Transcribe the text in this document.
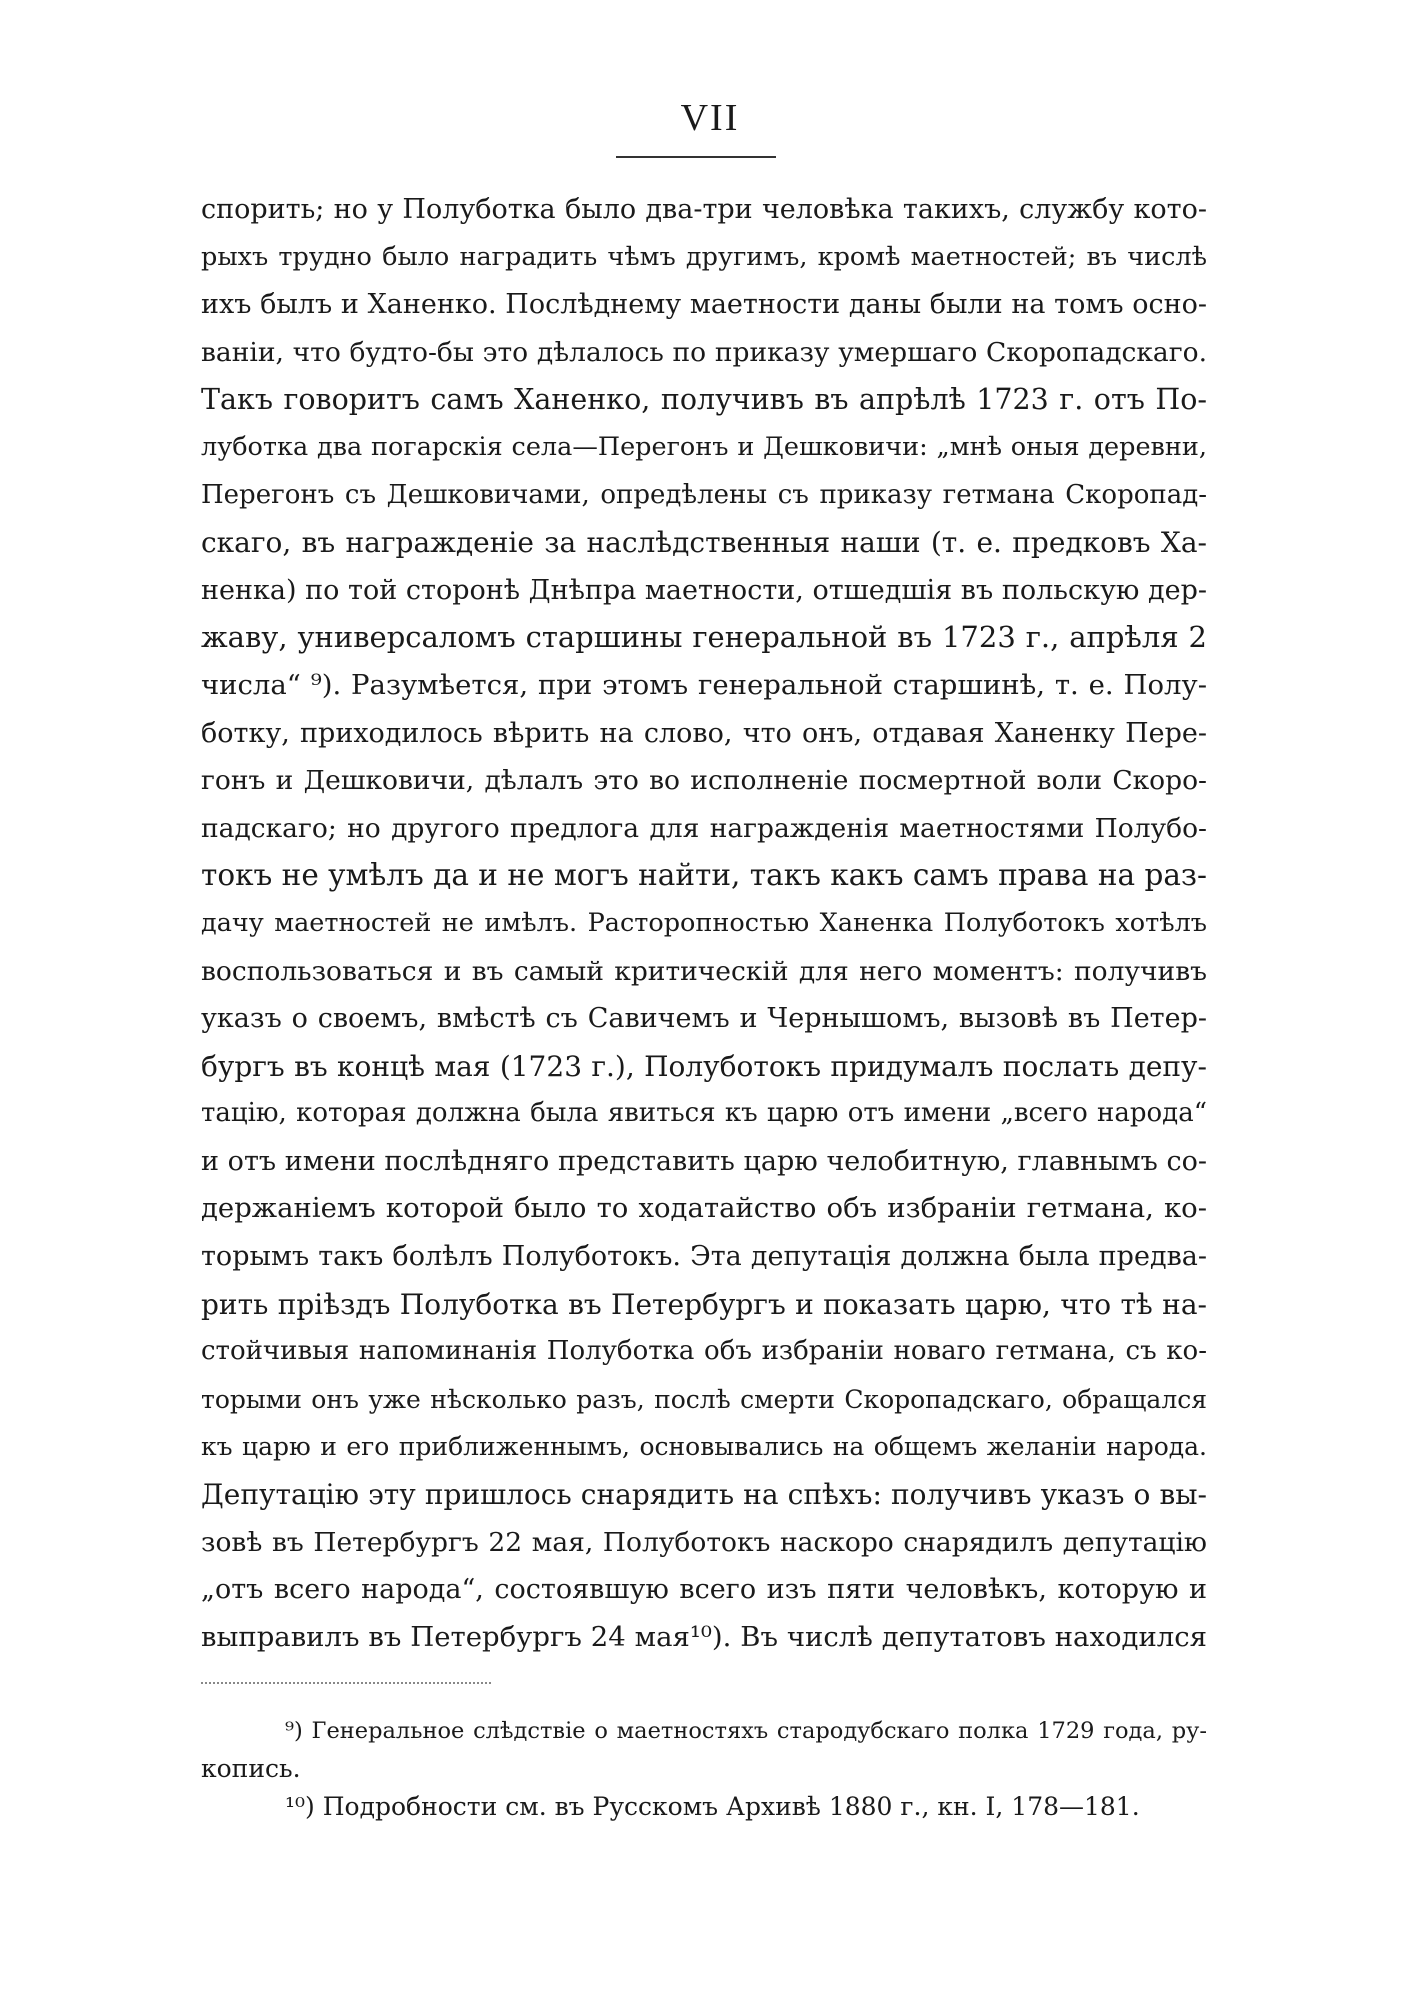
VII
спорить; но у Полуботка было два-три человѣка такихъ, службу кото-
рыхъ трудно было наградить чѣмъ другимъ, кромѣ маетностей; въ числѣ
ихъ былъ и Ханенко. Послѣднему маетности даны были на томъ осно-
ваніи, что будто-бы это дѣлалось по приказу умершаго Скоропадскаго.
Такъ говоритъ самъ Ханенко, получивъ въ апрѣлѣ 1723 г. отъ По-
луботка два погарскія села—Перегонъ и Дешковичи: „мнѣ оныя деревни,
Перегонъ съ Дешковичами, опредѣлены съ приказу гетмана Скоропад-
скаго, въ награжденіе за наслѣдственныя наши (т. е. предковъ Ха-
ненка) по той сторонѣ Днѣпра маетности, отшедшія въ польскую дер-
жаву, универсаломъ старшины генеральной въ 1723 г., апрѣля 2
числа“ ⁹). Разумѣется, при этомъ генеральной старшинѣ, т. е. Полу-
ботку, приходилось вѣрить на слово, что онъ, отдавая Ханенку Пере-
гонъ и Дешковичи, дѣлалъ это во исполненіе посмертной воли Скоро-
падскаго; но другого предлога для награжденія маетностями Полубо-
токъ не умѣлъ да и не могъ найти, такъ какъ самъ права на раз-
дачу маетностей не имѣлъ. Расторопностью Ханенка Полуботокъ хотѣлъ
воспользоваться и въ самый критическій для него моментъ: получивъ
указъ о своемъ, вмѣстѣ съ Савичемъ и Чернышомъ, вызовѣ въ Петер-
бургъ въ концѣ мая (1723 г.), Полуботокъ придумалъ послать депу-
тацію, которая должна была явиться къ царю отъ имени „всего народа“
и отъ имени послѣдняго представить царю челобитную, главнымъ со-
держаніемъ которой было то ходатайство объ избраніи гетмана, ко-
торымъ такъ болѣлъ Полуботокъ. Эта депутація должна была предва-
рить пріѣздъ Полуботка въ Петербургъ и показать царю, что тѣ на-
стойчивыя напоминанія Полуботка объ избраніи новаго гетмана, съ ко-
торыми онъ уже нѣсколько разъ, послѣ смерти Скоропадскаго, обращался
къ царю и его приближеннымъ, основывались на общемъ желаніи народа.
Депутацію эту пришлось снарядить на спѣхъ: получивъ указъ о вы-
зовѣ въ Петербургъ 22 мая, Полуботокъ наскоро снарядилъ депутацію
„отъ всего народа“, состоявшую всего изъ пяти человѣкъ, которую и
выправилъ въ Петербургъ 24 мая¹⁰). Въ числѣ депутатовъ находился
⁹) Генеральное слѣдствіе о маетностяхъ стародубскаго полка 1729 года, ру-
копись.
¹⁰) Подробности см. въ Русскомъ Архивѣ 1880 г., кн. I, 178—181.
